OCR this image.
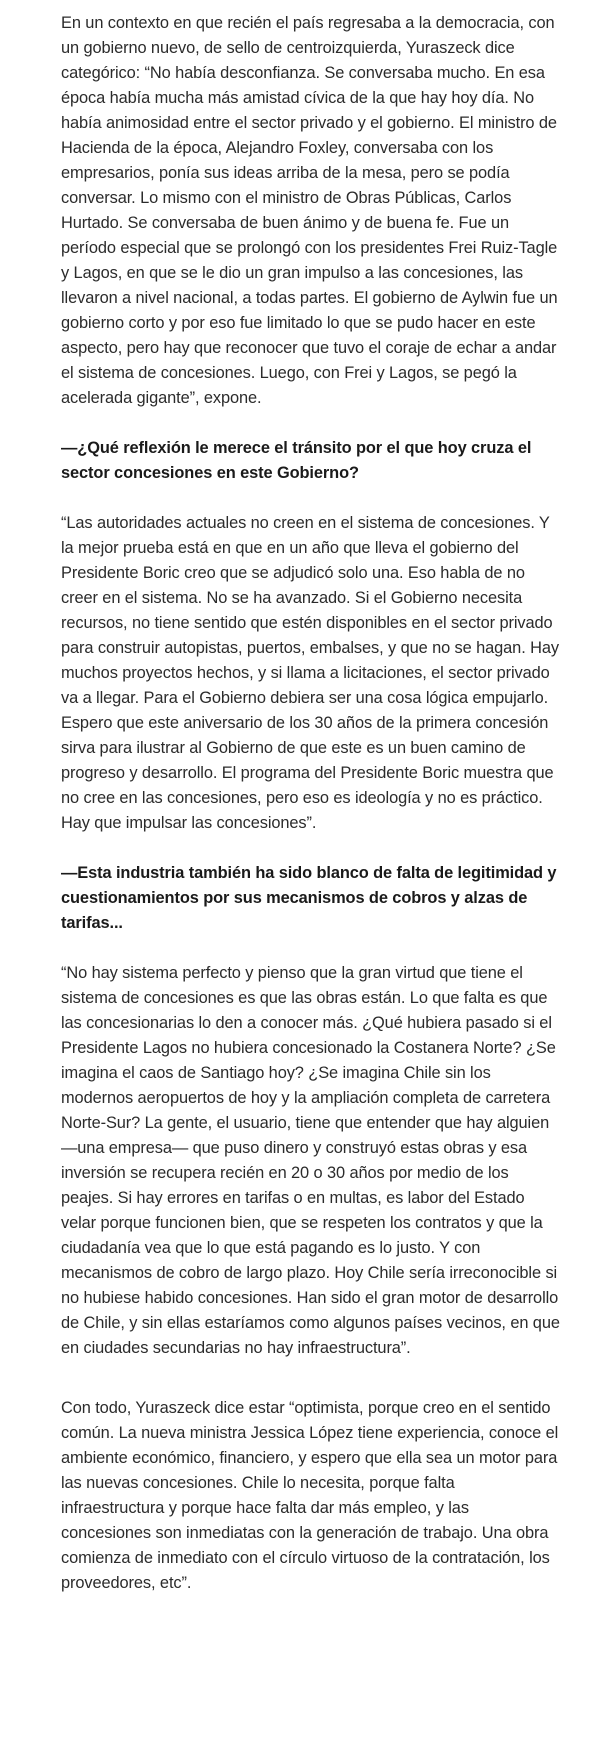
En un contexto en que recién el país regresaba a la democracia, con un gobierno nuevo, de sello de centroizquierda, Yuraszeck dice categórico: “No había desconfianza. Se conversaba mucho. En esa época había mucha más amistad cívica de la que hay hoy día. No había animosidad entre el sector privado y el gobierno. El ministro de Hacienda de la época, Alejandro Foxley, conversaba con los empresarios, ponía sus ideas arriba de la mesa, pero se podía conversar. Lo mismo con el ministro de Obras Públicas, Carlos Hurtado. Se conversaba de buen ánimo y de buena fe. Fue un período especial que se prolongó con los presidentes Frei Ruiz-Tagle y Lagos, en que se le dio un gran impulso a las concesiones, las llevaron a nivel nacional, a todas partes. El gobierno de Aylwin fue un gobierno corto y por eso fue limitado lo que se pudo hacer en este aspecto, pero hay que reconocer que tuvo el coraje de echar a andar el sistema de concesiones. Luego, con Frei y Lagos, se pegó la acelerada gigante”, expone.

—¿Qué reflexión le merece el tránsito por el que hoy cruza el sector concesiones en este Gobierno?

“Las autoridades actuales no creen en el sistema de concesiones. Y la mejor prueba está en que en un año que lleva el gobierno del Presidente Boric creo que se adjudicó solo una. Eso habla de no creer en el sistema. No se ha avanzado. Si el Gobierno necesita recursos, no tiene sentido que estén disponibles en el sector privado para construir autopistas, puertos, embalses, y que no se hagan. Hay muchos proyectos hechos, y si llama a licitaciones, el sector privado va a llegar. Para el Gobierno debiera ser una cosa lógica empujarlo. Espero que este aniversario de los 30 años de la primera concesión sirva para ilustrar al Gobierno de que este es un buen camino de progreso y desarrollo. El programa del Presidente Boric muestra que no cree en las concesiones, pero eso es ideología y no es práctico. Hay que impulsar las concesiones”.

—Esta industria también ha sido blanco de falta de legitimidad y cuestionamientos por sus mecanismos de cobros y alzas de tarifas...

“No hay sistema perfecto y pienso que la gran virtud que tiene el sistema de concesiones es que las obras están. Lo que falta es que las concesionarias lo den a conocer más. ¿Qué hubiera pasado si el Presidente Lagos no hubiera concesionado la Costanera Norte? ¿Se imagina el caos de Santiago hoy? ¿Se imagina Chile sin los modernos aeropuertos de hoy y la ampliación completa de carretera Norte-Sur? La gente, el usuario, tiene que entender que hay alguien —una empresa— que puso dinero y construyó estas obras y esa inversión se recupera recién en 20 o 30 años por medio de los peajes. Si hay errores en tarifas o en multas, es labor del Estado velar porque funcionen bien, que se respeten los contratos y que la ciudadanía vea que lo que está pagando es lo justo. Y con mecanismos de cobro de largo plazo. Hoy Chile sería irreconocible si no hubiese habido concesiones. Han sido el gran motor de desarrollo de Chile, y sin ellas estaríamos como algunos países vecinos, en que en ciudades secundarias no hay infraestructura”.

Con todo, Yuraszeck dice estar “optimista, porque creo en el sentido común. La nueva ministra Jessica López tiene experiencia, conoce el ambiente económico, financiero, y espero que ella sea un motor para las nuevas concesiones. Chile lo necesita, porque falta infraestructura y porque hace falta dar más empleo, y las concesiones son inmediatas con la generación de trabajo. Una obra comienza de inmediato con el círculo virtuoso de la contratación, los proveedores, etc”.
